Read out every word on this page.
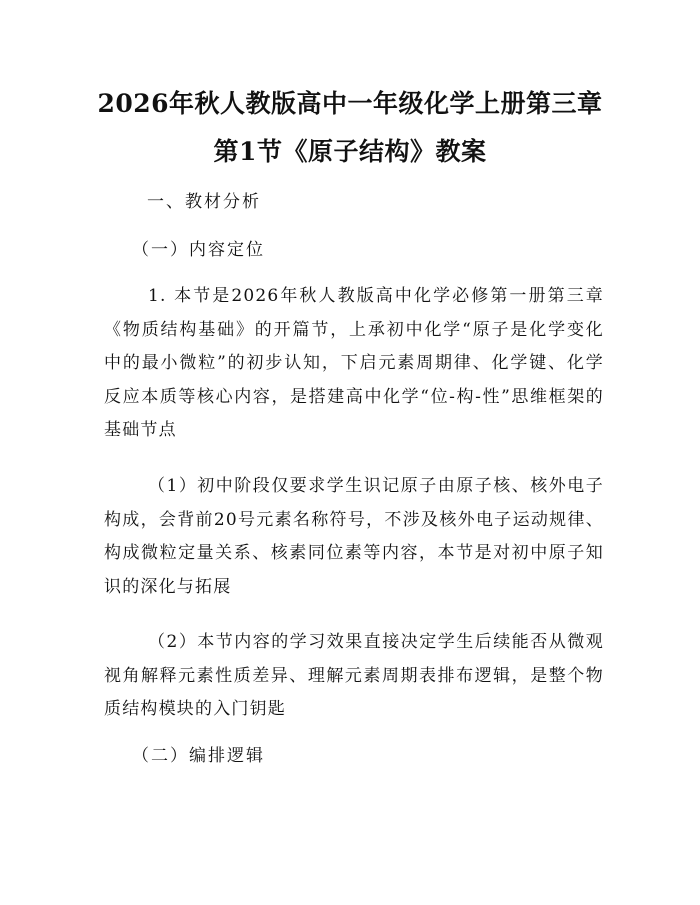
2026年秋人教版高中一年级化学上册第三章
第1节《原子结构》教案
一、教材分析
（一）内容定位
1. 本节是2026年秋人教版高中化学必修第一册第三章《物质结构基础》的开篇节，上承初中化学“原子是化学变化中的最小微粒”的初步认知，下启元素周期律、化学键、化学反应本质等核心内容，是搭建高中化学“位-构-性”思维框架的基础节点
（1）初中阶段仅要求学生识记原子由原子核、核外电子构成，会背前20号元素名称符号，不涉及核外电子运动规律、构成微粒定量关系、核素同位素等内容，本节是对初中原子知识的深化与拓展
（2）本节内容的学习效果直接决定学生后续能否从微观视角解释元素性质差异、理解元素周期表排布逻辑，是整个物质结构模块的入门钥匙
（二）编排逻辑
